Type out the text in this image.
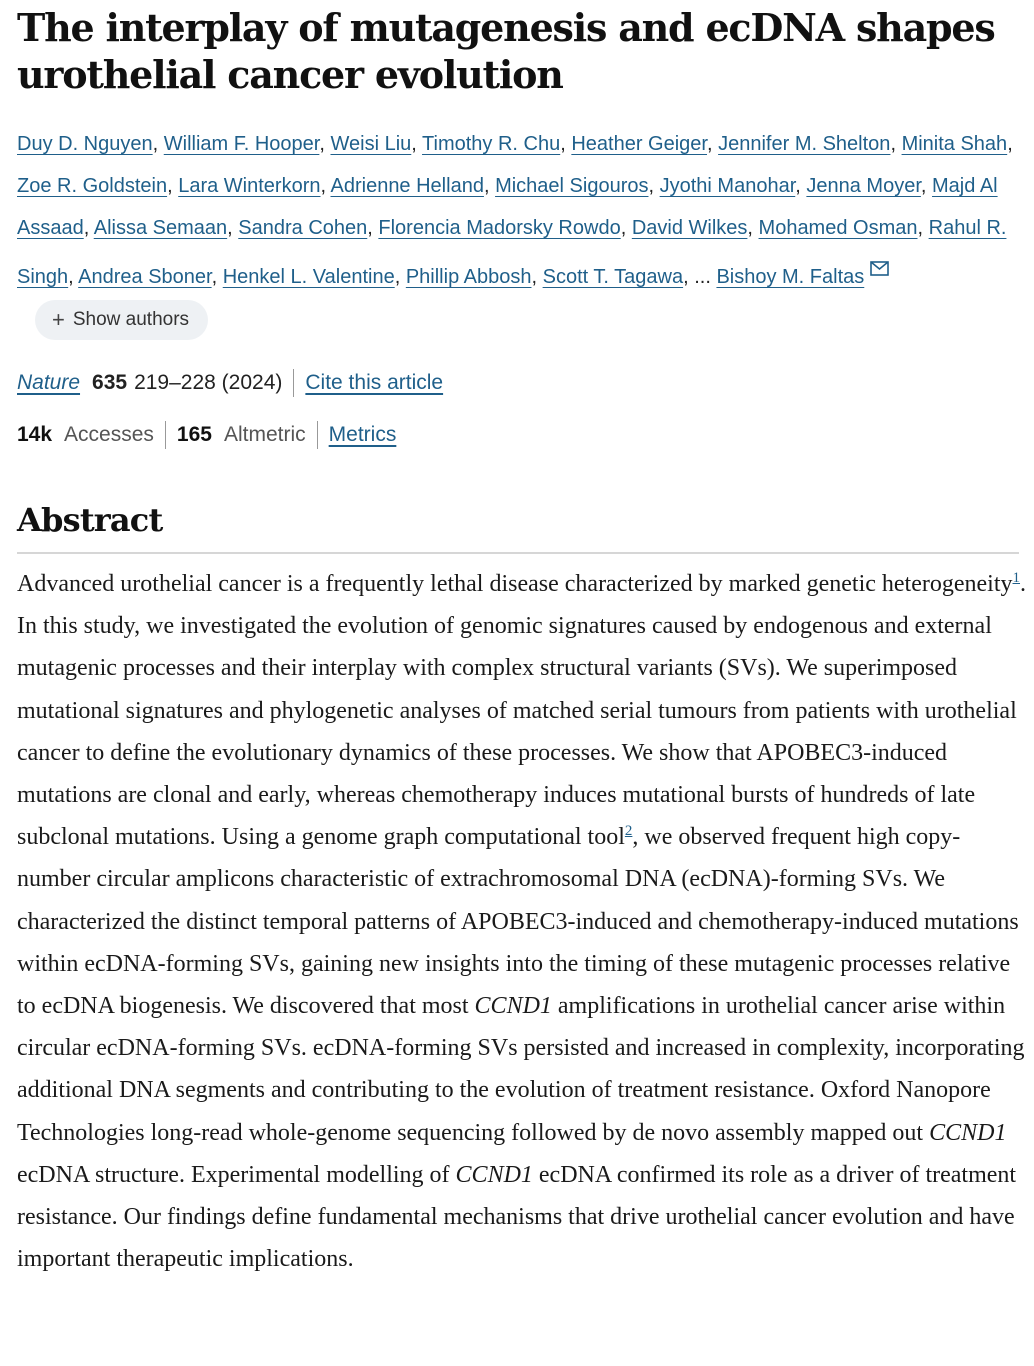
The interplay of mutagenesis and ecDNA shapes urothelial cancer evolution
Duy D. Nguyen, William F. Hooper, Weisi Liu, Timothy R. Chu, Heather Geiger, Jennifer M. Shelton, Minita Shah, Zoe R. Goldstein, Lara Winterkorn, Adrienne Helland, Michael Sigouros, Jyothi Manohar, Jenna Moyer, Majd Al Assaad, Alissa Semaan, Sandra Cohen, Florencia Madorsky Rowdo, David Wilkes, Mohamed Osman, Rahul R. Singh, Andrea Sboner, Henkel L. Valentine, Phillip Abbosh, Scott T. Tagawa, ... Bishoy M. Faltas
+ Show authors
Nature 635 219–228 (2024) Cite this article
14k Accesses 165 Altmetric Metrics
Abstract

Advanced urothelial cancer is a frequently lethal disease characterized by marked genetic heterogeneity$^1$. In this study, we investigated the evolution of genomic signatures caused by endogenous and external mutagenic processes and their interplay with complex structural variants (SVs). We superimposed mutational signatures and phylogenetic analyses of matched serial tumours from patients with urothelial cancer to define the evolutionary dynamics of these processes. We show that APOBEC3-induced mutations are clonal and early, whereas chemotherapy induces mutational bursts of hundreds of late subclonal mutations. Using a genome graph computational tool$^2$, we observed frequent high copy-number circular amplicons characteristic of extrachromosomal DNA (ecDNA)-forming SVs. We characterized the distinct temporal patterns of APOBEC3-induced and chemotherapy-induced mutations within ecDNA-forming SVs, gaining new insights into the timing of these mutagenic processes relative to ecDNA biogenesis. We discovered that most CCND1 amplifications in urothelial cancer arise within circular ecDNA-forming SVs. ecDNA-forming SVs persisted and increased in complexity, incorporating additional DNA segments and contributing to the evolution of treatment resistance. Oxford Nanopore Technologies long-read whole-genome sequencing followed by de novo assembly mapped out CCND1 ecDNA structure. Experimental modelling of CCND1 ecDNA confirmed its role as a driver of treatment resistance. Our findings define fundamental mechanisms that drive urothelial cancer evolution and have important therapeutic implications.
